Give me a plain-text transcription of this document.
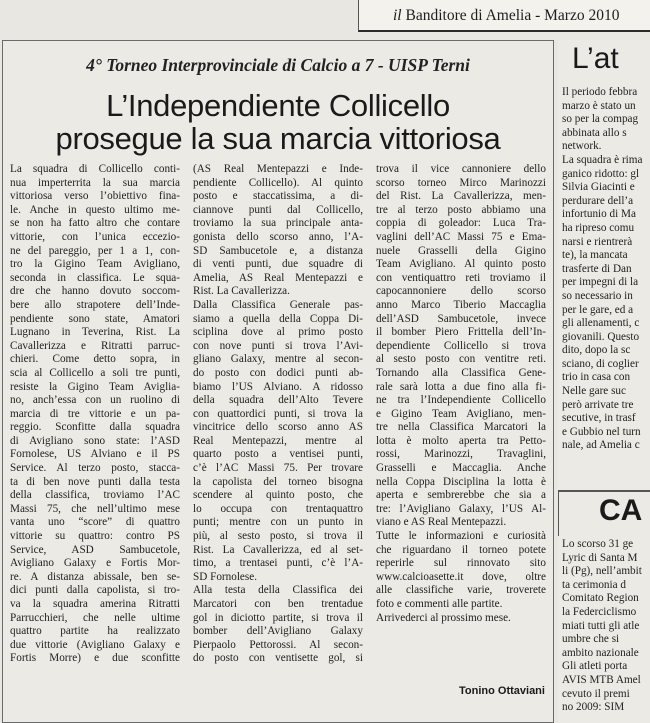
il Banditore di Amelia - Marzo 2010
4° Torneo Interprovinciale di Calcio a 7 - UISP Terni
L’Independiente Collicello
prosegue la sua marcia vittoriosa
La squadra di Collicello conti-
nua imperterrita la sua marcia
vittoriosa verso l’obiettivo fina-
le. Anche in questo ultimo me-
se non ha fatto altro che contare
vittorie, con l’unica eccezio-
ne del pareggio, per 1 a 1, con-
tro la Gigino Team Avigliano,
seconda in classifica. Le squa-
dre che hanno dovuto soccom-
bere allo strapotere dell’Inde-
pendiente sono state, Amatori
Lugnano in Teverina, Rist. La
Cavallerizza e Ritratti parruc-
chieri. Come detto sopra, in
scia al Collicello a soli tre punti,
resiste la Gigino Team Aviglia-
no, anch’essa con un ruolino di
marcia di tre vittorie e un pa-
reggio. Sconfitte dalla squadra
di Avigliano sono state: l’ASD
Fornolese, US Alviano e il PS
Service. Al terzo posto, stacca-
ta di ben nove punti dalla testa
della classifica, troviamo l’AC
Massi 75, che nell’ultimo mese
vanta uno “score” di quattro
vittorie su quattro: contro PS
Service, ASD Sambucetole,
Avigliano Galaxy e Fortis Mor-
re. A distanza abissale, ben se-
dici punti dalla capolista, si tro-
va la squadra amerina Ritratti
Parrucchieri, che nelle ultime
quattro partite ha realizzato
due vittorie (Avigliano Galaxy e
Fortis Morre) e due sconfitte
(AS Real Mentepazzi e Inde-
pendiente Collicello). Al quinto
posto e staccatissima, a di-
ciannove punti dal Collicello,
troviamo la sua principale anta-
gonista dello scorso anno, l’A-
SD Sambucetole e, a distanza
di venti punti, due squadre di
Amelia, AS Real Mentepazzi e
Rist. La Cavallerizza.
Dalla Classifica Generale pas-
siamo a quella della Coppa Di-
sciplina dove al primo posto
con nove punti si trova l’Avi-
gliano Galaxy, mentre al secon-
do posto con dodici punti ab-
biamo l’US Alviano. A ridosso
della squadra dell’Alto Tevere
con quattordici punti, si trova la
vincitrice dello scorso anno AS
Real Mentepazzi, mentre al
quarto posto a ventisei punti,
c’è l’AC Massi 75. Per trovare
la capolista del torneo bisogna
scendere al quinto posto, che
lo occupa con trentaquattro
punti; mentre con un punto in
più, al sesto posto, si trova il
Rist. La Cavallerizza, ed al set-
timo, a trentasei punti, c’è l’A-
SD Fornolese.
Alla testa della Classifica dei
Marcatori con ben trentadue
gol in diciotto partite, si trova il
bomber dell’Avigliano Galaxy
Pierpaolo Pettorossi. Al secon-
do posto con ventisette gol, si
trova il vice cannoniere dello
scorso torneo Mirco Marinozzi
del Rist. La Cavallerizza, men-
tre al terzo posto abbiamo una
coppia di goleador: Luca Tra-
vaglini dell’AC Massi 75 e Ema-
nuele Grasselli della Gigino
Team Avigliano. Al quinto posto
con ventiquattro reti troviamo il
capocannoniere dello scorso
anno Marco Tiberio Maccaglia
dell’ASD Sambucetole, invece
il bomber Piero Frittella dell’In-
dependiente Collicello si trova
al sesto posto con ventitre reti.
Tornando alla Classifica Gene-
rale sarà lotta a due fino alla fi-
ne tra l’Independiente Collicello
e Gigino Team Avigliano, men-
tre nella Classifica Marcatori la
lotta è molto aperta tra Petto-
rossi, Marinozzi, Travaglini,
Grasselli e Maccaglia. Anche
nella Coppa Disciplina la lotta è
aperta e sembrerebbe che sia a
tre: l’Avigliano Galaxy, l’US Al-
viano e AS Real Mentepazzi.
Tutte le informazioni e curiosità
che riguardano il torneo potete
reperirle sul rinnovato sito
www.calcioasette.it dove, oltre
alle classifiche varie, troverete
foto e commenti alle partite.
Arrivederci al prossimo mese.
Tonino Ottaviani
L’at
Il periodo febbra
marzo è stato un
so per la compag
abbinata allo s
network.
La squadra è rima
ganico ridotto: gl
Silvia Giacinti e
perdurare dell’a
infortunio di Ma
ha ripreso comu
narsi e rientrerà
te), la mancata
trasferte di Dan
per impegni di la
so necessario in
per le gare, ed a
gli allenamenti, c
giovanili. Questo
dito, dopo la sc
sciano, di coglier
trio in casa con
Nelle gare suc
però arrivate tre
secutive, in trasf
e Gubbio nel turn
nale, ad Amelia c
CA
Lo scorso 31 ge
Lyric di Santa M
li (Pg), nell’ambit
ta cerimonia d
Comitato Region
la Federciclismo
miati tutti gli atle
umbre che si
ambito nazionale
Gli atleti porta
AVIS MTB Amel
cevuto il premi
no 2009: SIM
